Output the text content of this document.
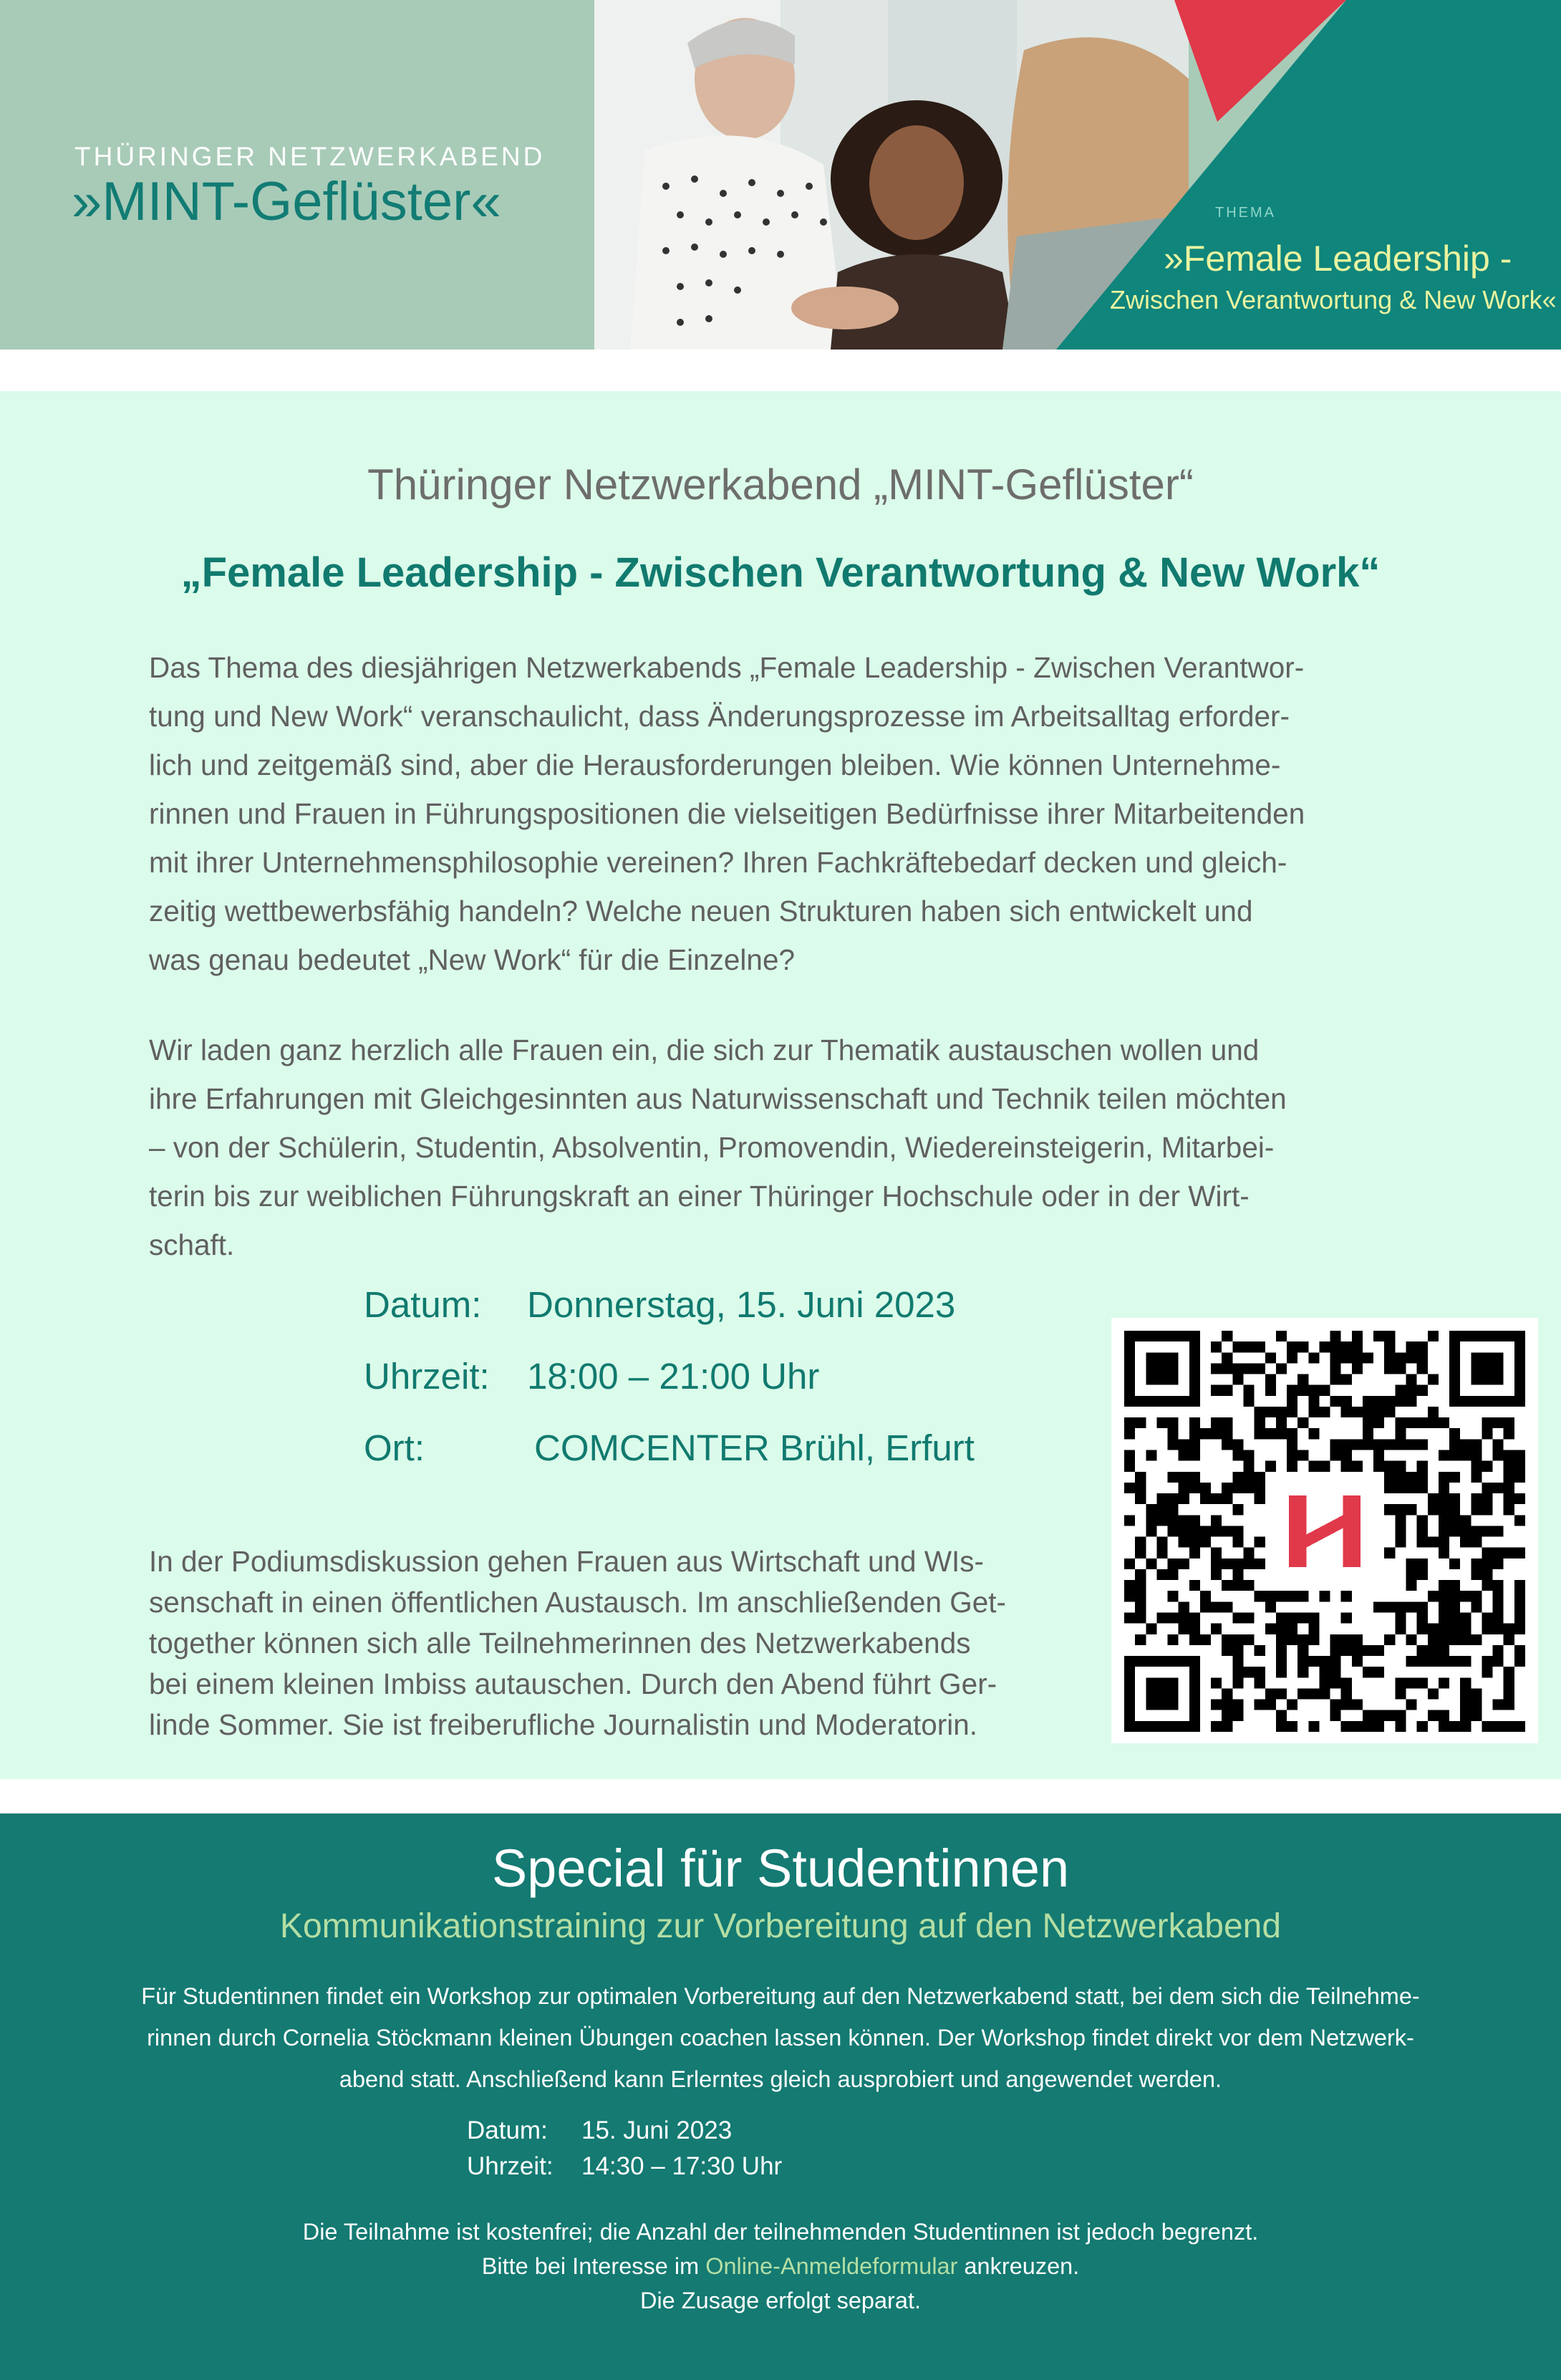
THÜRINGER NETZWERKABEND
»MINT-Geflüster«	THEMA
»Female Leadership -
Zwischen Verantwortung & New Work«
Thüringer Netzwerkabend „MINT-Geflüster“
„Female Leadership - Zwischen Verantwortung & New Work“
Das Thema des diesjährigen Netzwerkabends „Female Leadership - Zwischen Verantwor-
tung und New Work“ veranschaulicht, dass Änderungsprozesse im Arbeitsalltag erforder-
lich und zeitgemäß sind, aber die Herausforderungen bleiben. Wie können Unternehme-
rinnen und Frauen in Führungspositionen die vielseitigen Bedürfnisse ihrer Mitarbeitenden
mit ihrer Unternehmensphilosophie vereinen? Ihren Fachkräftebedarf decken und gleich-
zeitig wettbewerbsfähig handeln? Welche neuen Strukturen haben sich entwickelt und
was genau bedeutet „New Work“ für die Einzelne?
Wir laden ganz herzlich alle Frauen ein, die sich zur Thematik austauschen wollen und
ihre Erfahrungen mit Gleichgesinnten aus Naturwissenschaft und Technik teilen möchten
– von der Schülerin, Studentin, Absolventin, Promovendin, Wiedereinsteigerin, Mitarbei-
terin bis zur weiblichen Führungskraft an einer Thüringer Hochschule oder in der Wirt-
schaft.
Datum: Donnerstag, 15. Juni 2023
Uhrzeit: 18:00 – 21:00 Uhr
Ort:	COMCENTER Brühl, Erfurt
In der Podiumsdiskussion gehen Frauen aus Wirtschaft und WIs-
senschaft in einen öffentlichen Austausch. Im anschließenden Get-
together können sich alle Teilnehmerinnen des Netzwerkabends
bei einem kleinen Imbiss autauschen. Durch den Abend führt Ger-
linde Sommer. Sie ist freiberufliche Journalistin und Moderatorin.
Special für Studentinnen
Kommunikationstraining zur Vorbereitung auf den Netzwerkabend
Für Studentinnen findet ein Workshop zur optimalen Vorbereitung auf den Netzwerkabend statt, bei dem sich die Teilnehme-
rinnen durch Cornelia Stöckmann kleinen Übungen coachen lassen können. Der Workshop findet direkt vor dem Netzwerk-
abend statt. Anschließend kann Erlerntes gleich ausprobiert und angewendet werden.
Datum: 15. Juni 2023
Uhrzeit: 14:30 – 17:30 Uhr
Die Teilnahme ist kostenfrei; die Anzahl der teilnehmenden Studentinnen ist jedoch begrenzt.
Bitte bei Interesse im Online-Anmeldeformular ankreuzen.
Die Zusage erfolgt separat.
